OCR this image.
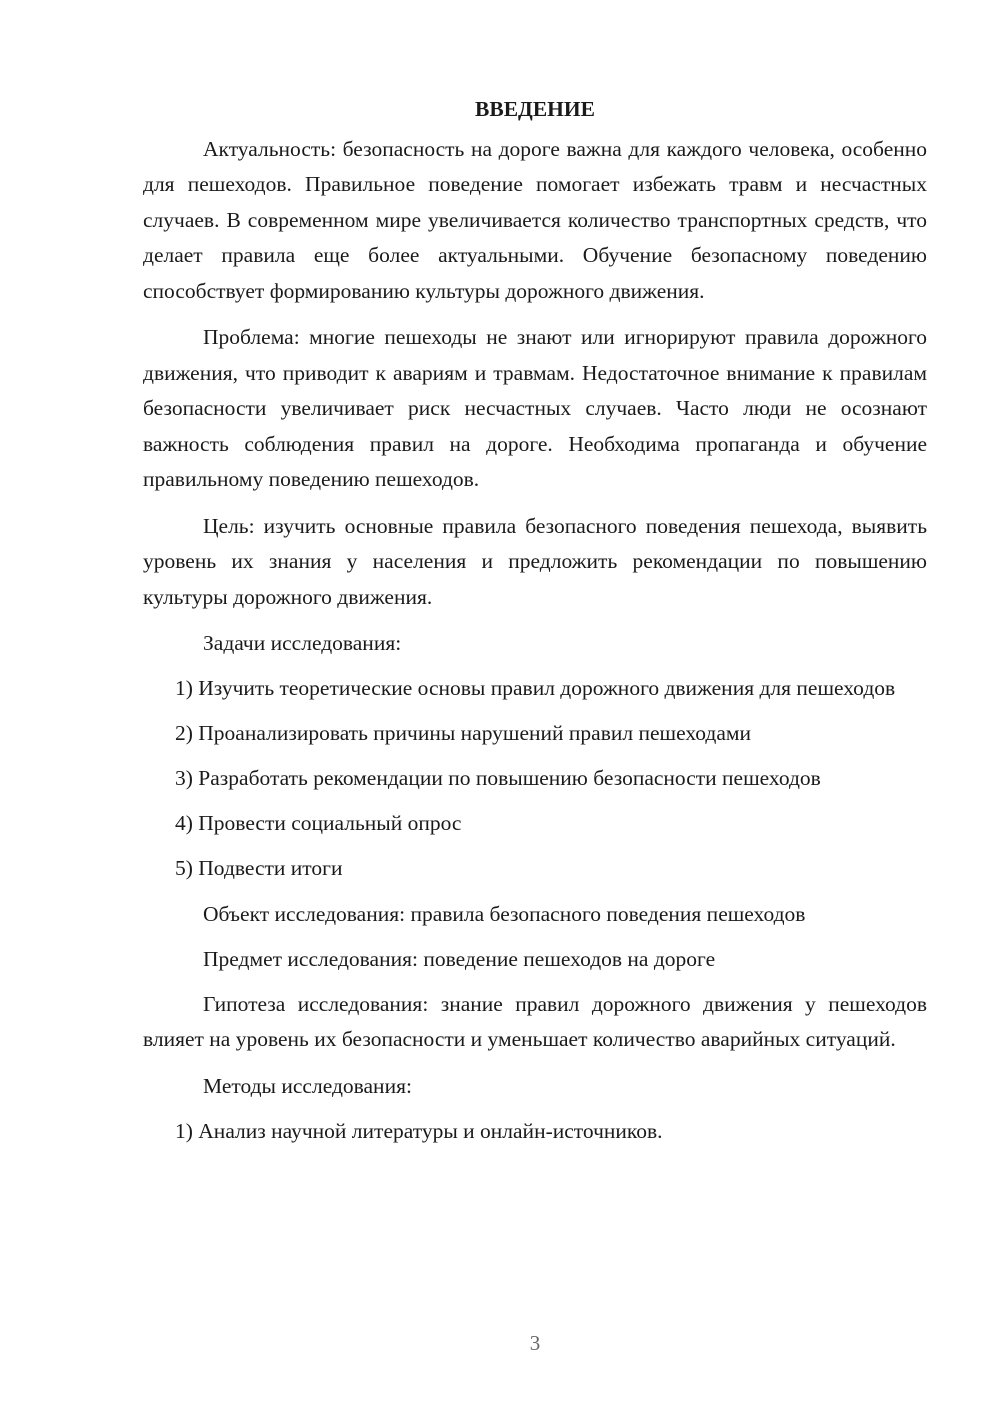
ВВЕДЕНИЕ

Актуальность: безопасность на дороге важна для каждого человека, особенно для пешеходов. Правильное поведение помогает избежать травм и несчастных случаев. В современном мире увеличивается количество транспортных средств, что делает правила еще более актуальными. Обучение безопасному поведению способствует формированию культуры дорожного движения.

Проблема: многие пешеходы не знают или игнорируют правила дорожного движения, что приводит к авариям и травмам. Недостаточное внимание к правилам безопасности увеличивает риск несчастных случаев. Часто люди не осознают важность соблюдения правил на дороге. Необходима пропаганда и обучение правильному поведению пешеходов.

Цель: изучить основные правила безопасного поведения пешехода, выявить уровень их знания у населения и предложить рекомендации по повышению культуры дорожного движения.

Задачи исследования:

1) Изучить теоретические основы правил дорожного движения для пешеходов

2) Проанализировать причины нарушений правил пешеходами

3) Разработать рекомендации по повышению безопасности пешеходов

4) Провести социальный опрос

5) Подвести итоги

Объект исследования: правила безопасного поведения пешеходов

Предмет исследования: поведение пешеходов на дороге

Гипотеза исследования: знание правил дорожного движения у пешеходов влияет на уровень их безопасности и уменьшает количество аварийных ситуаций.

Методы исследования:

1) Анализ научной литературы и онлайн-источников.

3
